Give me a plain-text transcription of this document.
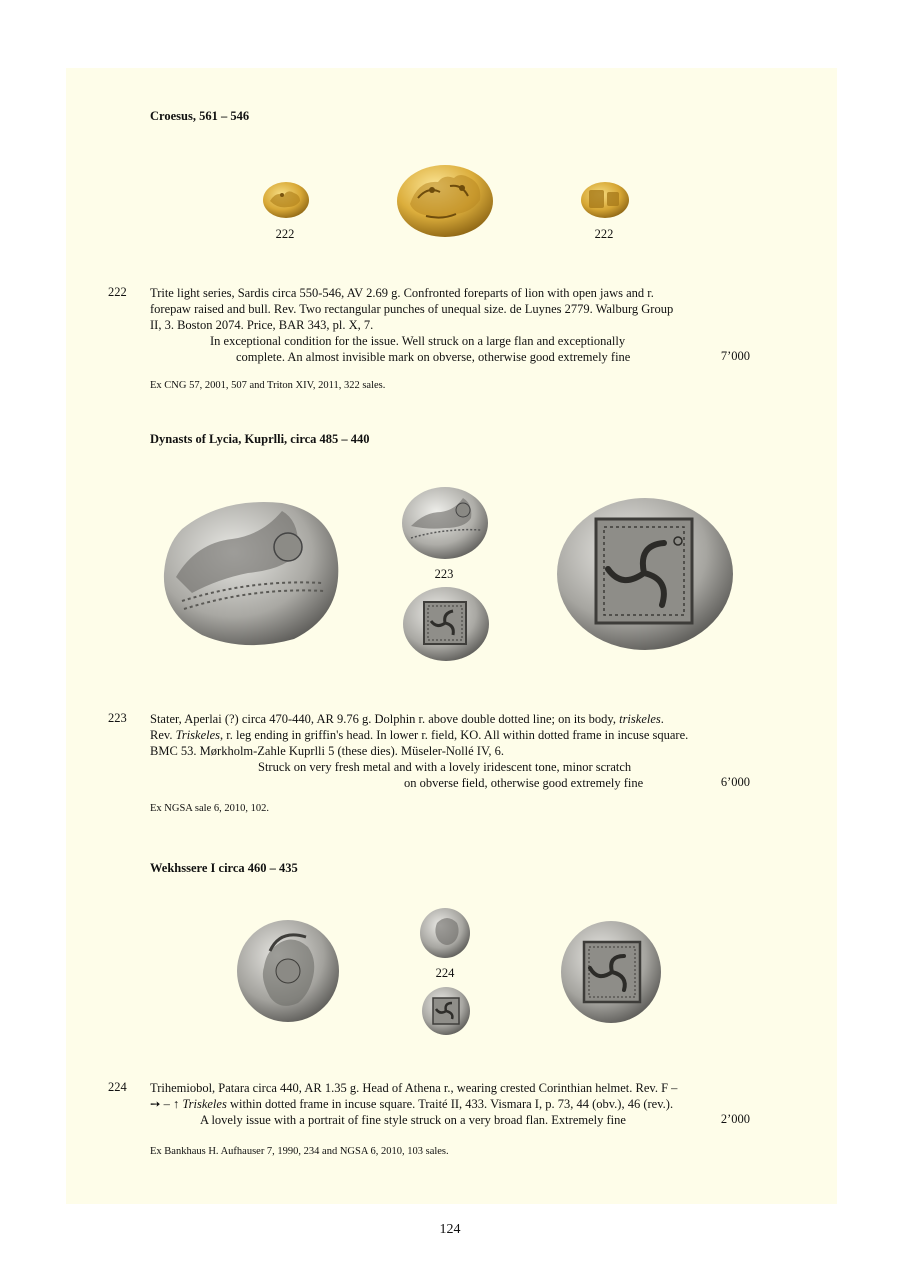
Croesus, 561 – 546
222	222
222 Trite light series, Sardis circa 550-546, AV 2.69 g. Confronted foreparts of lion with open jaws and r.
forepaw raised and bull. Rev. Two rectangular punches of unequal size. de Luynes 2779. Walburg Group
II, 3. Boston 2074. Price, BAR 343, pl. X, 7.
In exceptional condition for the issue. Well struck on a large flan and exceptionally
complete. An almost invisible mark on obverse, otherwise good extremely fine	7’000
Ex CNG 57, 2001, 507 and Triton XIV, 2011, 322 sales.
Dynasts of Lycia, Kuprlli, circa 485 – 440
223
223 Stater, Aperlai (?) circa 470-440, AR 9.76 g. Dolphin r. above double dotted line; on its body, triskeles.
Rev. Triskeles, r. leg ending in griffin's head. In lower r. field, KO. All within dotted frame in incuse square.
BMC 53. Mørkholm-Zahle Kuprlli 5 (these dies). Müseler-Nollé IV, 6.
Struck on very fresh metal and with a lovely iridescent tone, minor scratch
on obverse field, otherwise good extremely fine	6’000
Ex NGSA sale 6, 2010, 102.
Wekhssere I circa 460 – 435
224
224 Trihemiobol, Patara circa 440, AR 1.35 g. Head of Athena r., wearing crested Corinthian helmet. Rev. F –
➙ – ↑ Triskeles within dotted frame in incuse square. Traité II, 433. Vismara I, p. 73, 44 (obv.), 46 (rev.).
A lovely issue with a portrait of fine style struck on a very broad flan. Extremely fine	2’000
Ex Bankhaus H. Aufhauser 7, 1990, 234 and NGSA 6, 2010, 103 sales.
124
